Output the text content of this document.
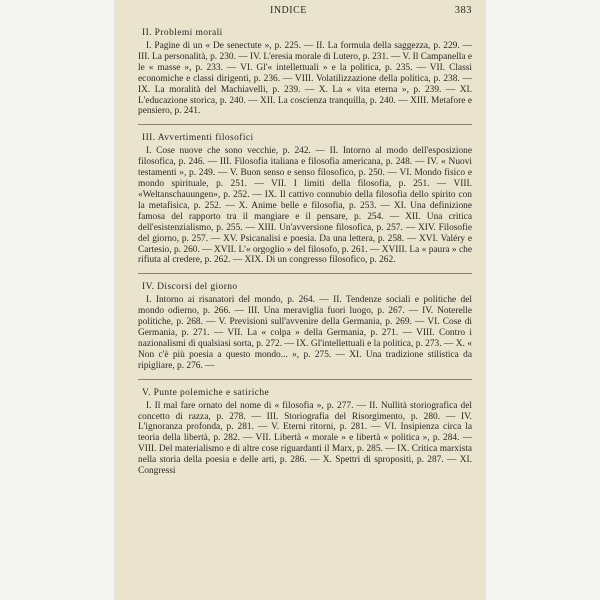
INDICE	383
II. Problemi morali

I. Pagine di un « De senectute », p. 225. — II. La formula della saggezza, p. 229. — III. La personalità, p. 230. — IV. L'eresia morale di Lutero, p. 231. — V. Il Campanella e le « masse », p. 233. — VI. Gl'« intellettuali » e la politica, p. 235. — VII. Classi economiche e classi dirigenti, p. 236. — VIII. Volatilizzazione della politica, p. 238. — IX. La moralità del Machiavelli, p. 239. — X. La « vita eterna », p. 239. — XI. L'educazione storica, p. 240. — XII. La coscienza tranquilla, p. 240. — XIII. Metafore e pensiero, p. 241.

III. Avvertimenti filosofici

I. Cose nuove che sono vecchie, p. 242. — II. Intorno al modo dell'esposizione filosofica, p. 246. — III. Filosofia italiana e filosofia americana, p. 248. — IV. « Nuovi testamenti », p. 249. — V. Buon senso e senso filosofico, p. 250. — VI. Mondo fisico e mondo spirituale, p. 251. — VII. I limiti della filosofia, p. 251. — VIII. «Weltanschauungen», p. 252. — IX. Il cattivo connubio della filosofia dello spirito con la metafisica, p. 252. — X. Anime belle e filosofia, p. 253. — XI. Una definizione famosa del rapporto tra il mangiare e il pensare, p. 254. — XII. Una critica dell'esistenzialismo, p. 255. — XIII. Un'avversione filosofica, p. 257. — XIV. Filosofie del giorno, p. 257. — XV. Psicanalisi e poesia. Da una lettera, p. 258. — XVI. Valéry e Cartesio, p. 260. — XVII. L'« orgoglio » del filosofo, p. 261. — XVIII. La « paura » che rifiuta al credere, p. 262. — XIX. Di un congresso filosofico, p. 262.

IV. Discorsi del giorno

I. Intorno ai risanatori del mondo, p. 264. — II. Tendenze sociali e politiche del mondo odierno, p. 266. — III. Una meraviglia fuori luogo, p. 267. — IV. Noterelle politiche, p. 268. — V. Previsioni sull'avvenire della Germania, p. 269. — VI. Cose di Germania, p. 271. — VII. La « colpa » della Germania, p. 271. — VIII. Contro i nazionalismi di qualsiasi sorta, p. 272. — IX. Gl'intellettuali e la politica, p. 273. — X. « Non c'è più poesia a questo mondo... », p. 275. — XI. Una tradizione stilistica da ripigliare, p. 276. —

V. Punte polemiche e satiriche

I. Il mal fare ornato del nome di « filosofia », p. 277. — II. Nullità storiografica del concetto di razza, p. 278. — III. Storiografia del Risorgimento, p. 280. — IV. L'ignoranza profonda, p. 281. — V. Eterni ritorni, p. 281. — VI. Insipienza circa la teoria della libertà, p. 282. — VII. Libertà « morale » e libertà « politica », p. 284. — VIII. Del materialismo e di altre cose riguardanti il Marx, p. 285. — IX. Critica marxista nella storia della poesia e delle arti, p. 286. — X. Spettri di spropositi, p. 287. — XI. Congressi
